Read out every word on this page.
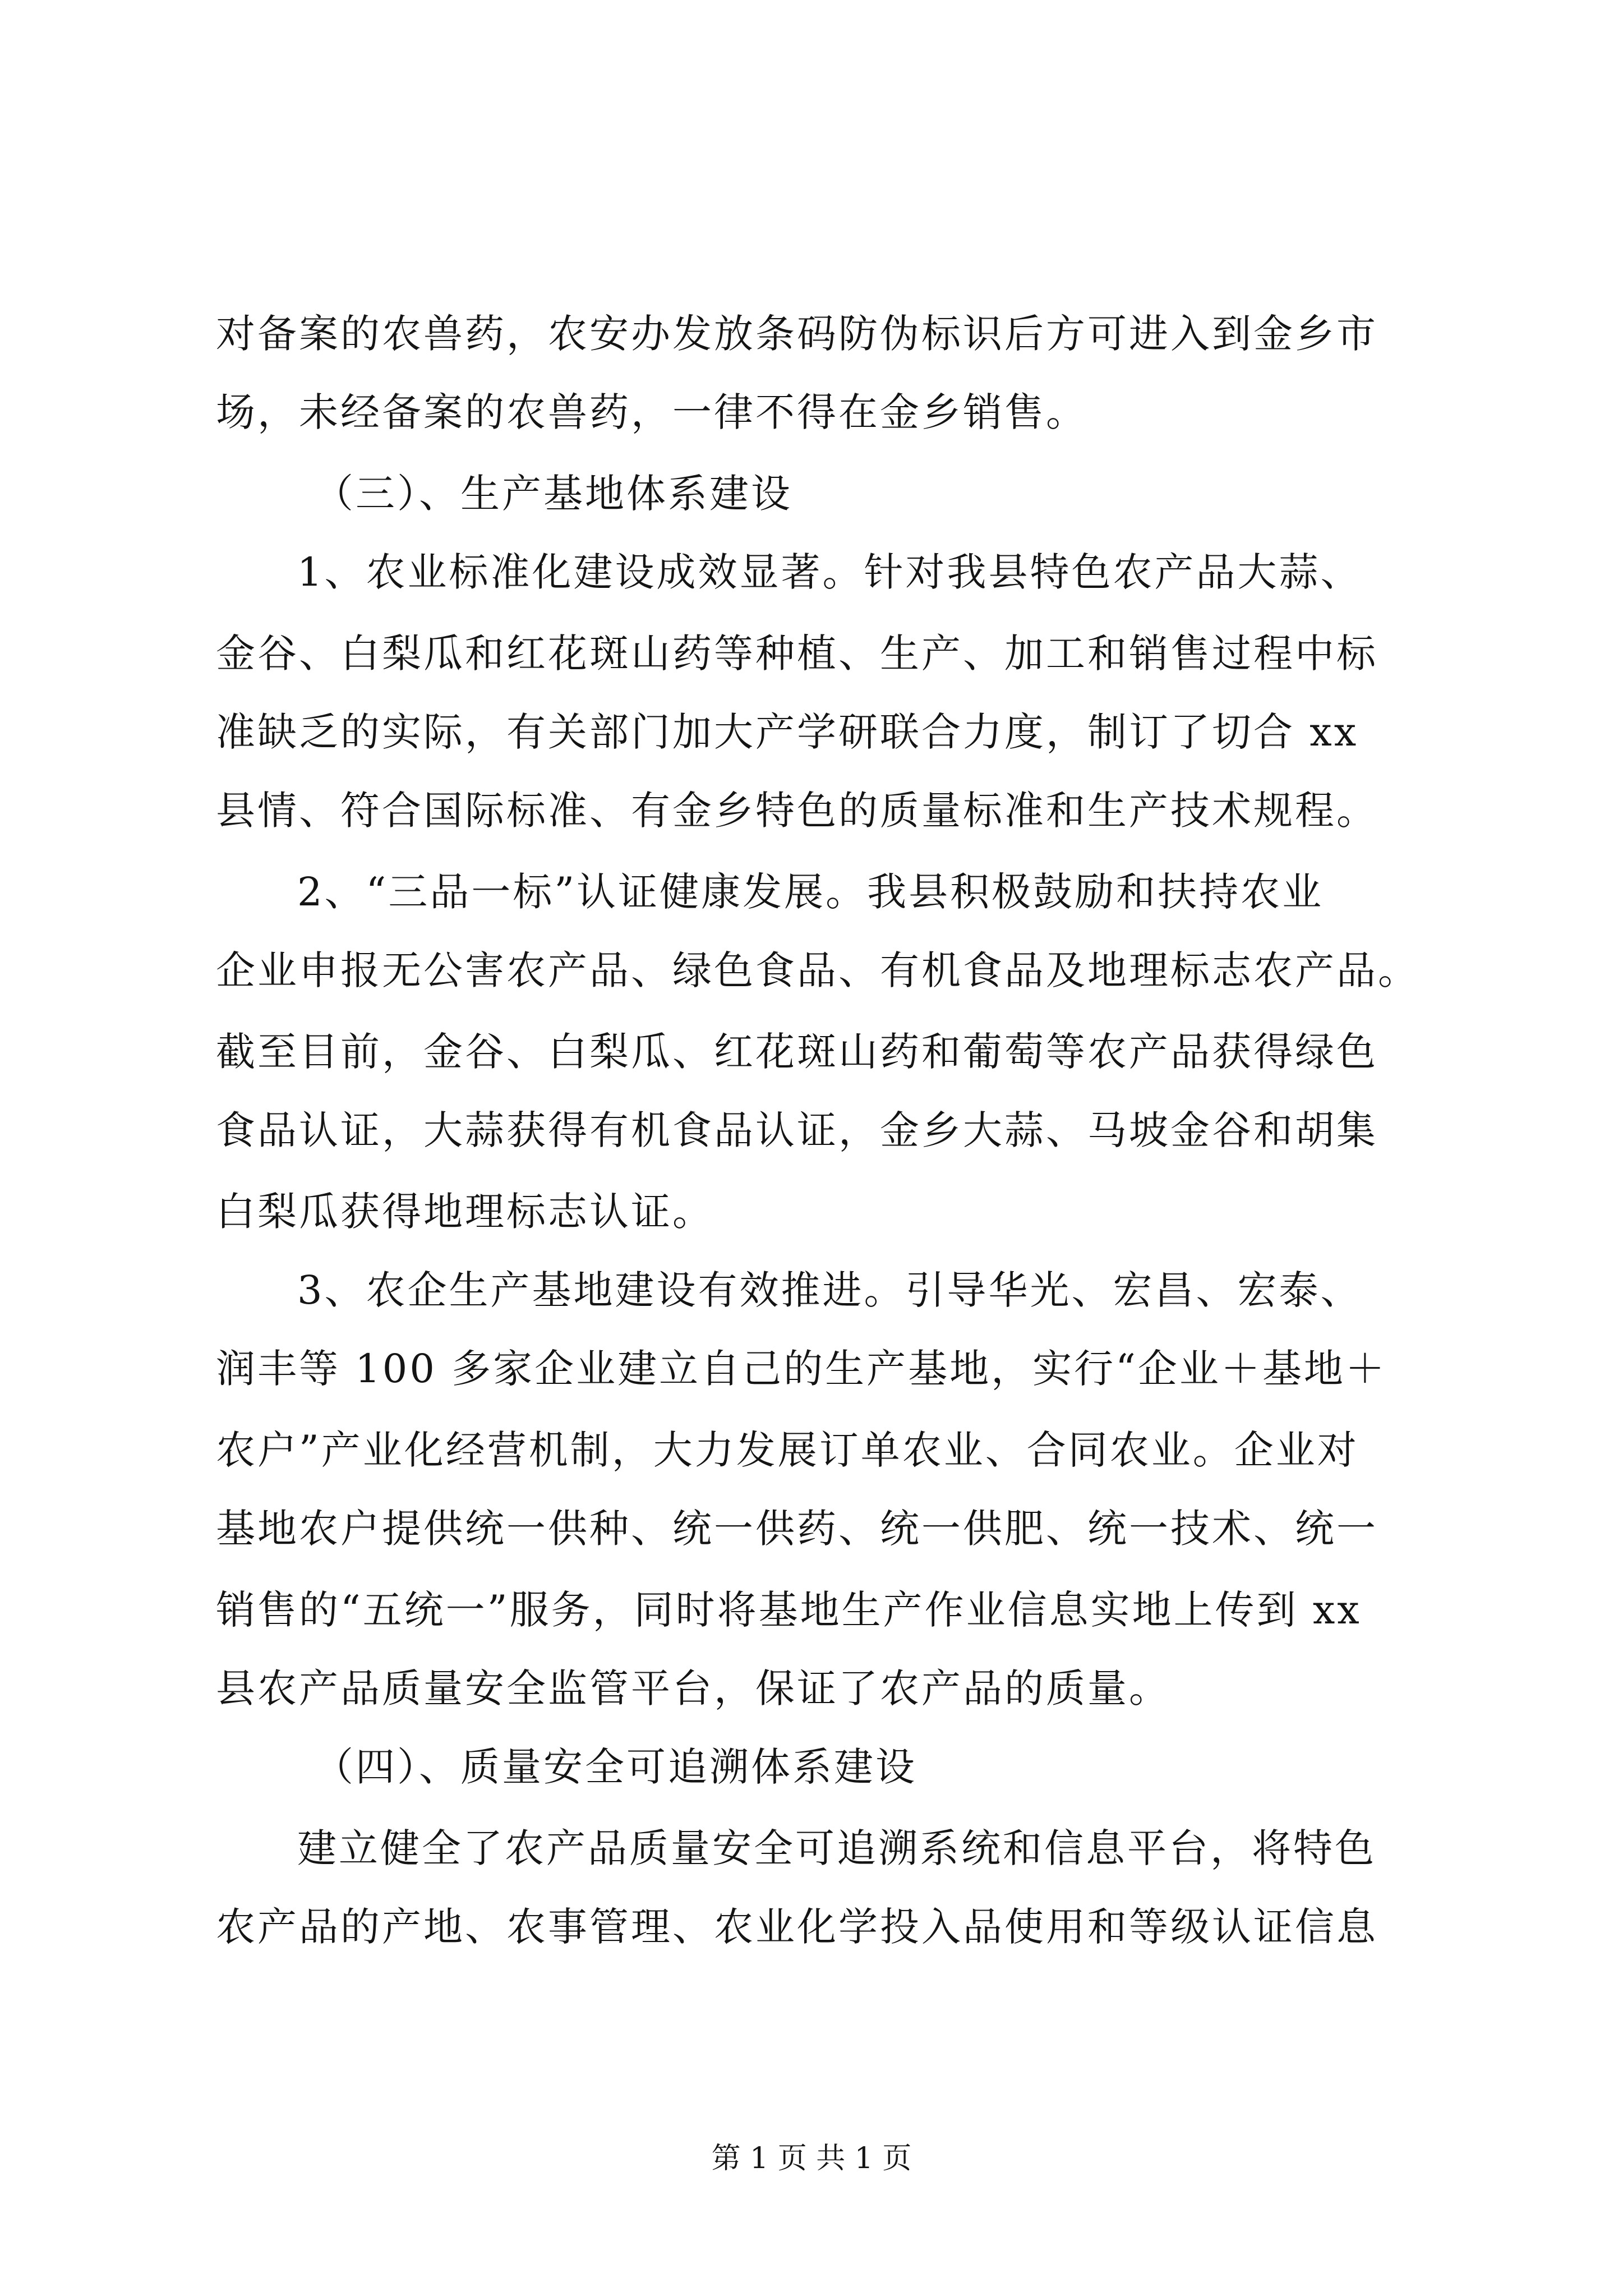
对备案的农兽药，农安办发放条码防伪标识后方可进入到金乡市
场，未经备案的农兽药，一律不得在金乡销售。
（三）、生产基地体系建设
1、农业标准化建设成效显著。针对我县特色农产品大蒜、
金谷、白梨瓜和红花斑山药等种植、生产、加工和销售过程中标
准缺乏的实际，有关部门加大产学研联合力度，制订了切合 xx
县情、符合国际标准、有金乡特色的质量标准和生产技术规程。
2、“三品一标”认证健康发展。我县积极鼓励和扶持农业
企业申报无公害农产品、绿色食品、有机食品及地理标志农产品。
截至目前，金谷、白梨瓜、红花斑山药和葡萄等农产品获得绿色
食品认证，大蒜获得有机食品认证，金乡大蒜、马坡金谷和胡集
白梨瓜获得地理标志认证。
3、农企生产基地建设有效推进。引导华光、宏昌、宏泰、
润丰等 100 多家企业建立自己的生产基地，实行“企业＋基地＋
农户”产业化经营机制，大力发展订单农业、合同农业。企业对
基地农户提供统一供种、统一供药、统一供肥、统一技术、统一
销售的“五统一”服务，同时将基地生产作业信息实地上传到 xx
县农产品质量安全监管平台，保证了农产品的质量。
（四）、质量安全可追溯体系建设
建立健全了农产品质量安全可追溯系统和信息平台，将特色
农产品的产地、农事管理、农业化学投入品使用和等级认证信息
第 1 页 共 1 页
